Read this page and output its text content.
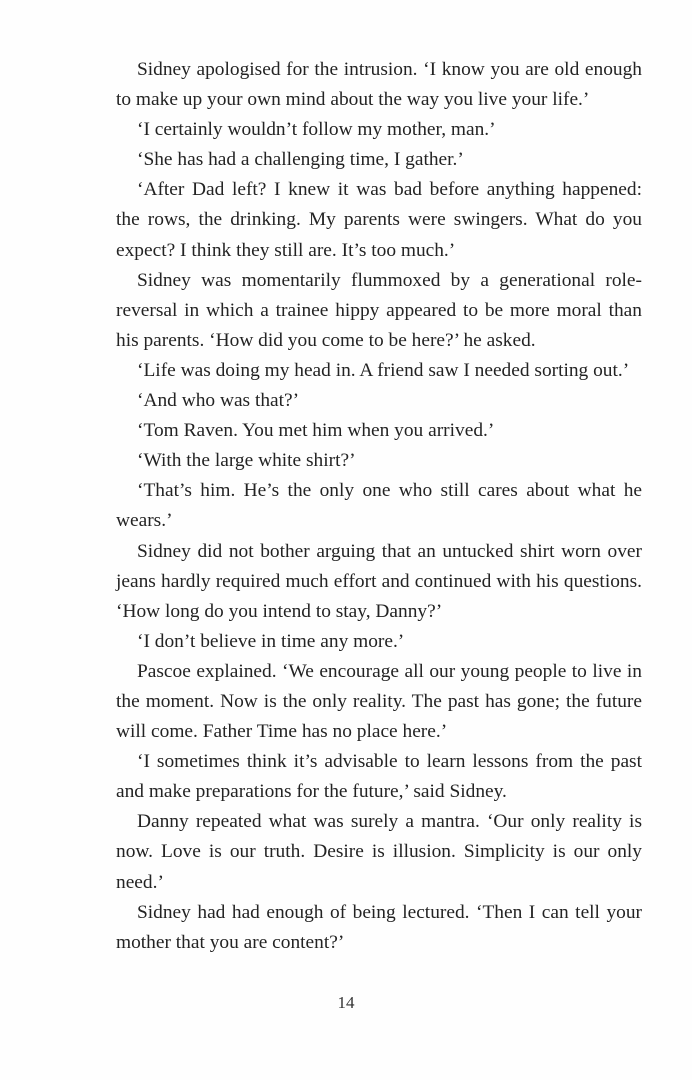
Sidney apologised for the intrusion. ‘I know you are old enough to make up your own mind about the way you live your life.’

‘I certainly wouldn’t follow my mother, man.’

‘She has had a challenging time, I gather.’

‘After Dad left? I knew it was bad before anything happened: the rows, the drinking. My parents were swingers. What do you expect? I think they still are. It’s too much.’

Sidney was momentarily flummoxed by a generational role-reversal in which a trainee hippy appeared to be more moral than his parents. ‘How did you come to be here?’ he asked.

‘Life was doing my head in. A friend saw I needed sorting out.’

‘And who was that?’

‘Tom Raven. You met him when you arrived.’

‘With the large white shirt?’

‘That’s him. He’s the only one who still cares about what he wears.’

Sidney did not bother arguing that an untucked shirt worn over jeans hardly required much effort and continued with his questions. ‘How long do you intend to stay, Danny?’

‘I don’t believe in time any more.’

Pascoe explained. ‘We encourage all our young people to live in the moment. Now is the only reality. The past has gone; the future will come. Father Time has no place here.’

‘I sometimes think it’s advisable to learn lessons from the past and make preparations for the future,’ said Sidney.

Danny repeated what was surely a mantra. ‘Our only reality is now. Love is our truth. Desire is illusion. Simplicity is our only need.’

Sidney had had enough of being lectured. ‘Then I can tell your mother that you are content?’

14
